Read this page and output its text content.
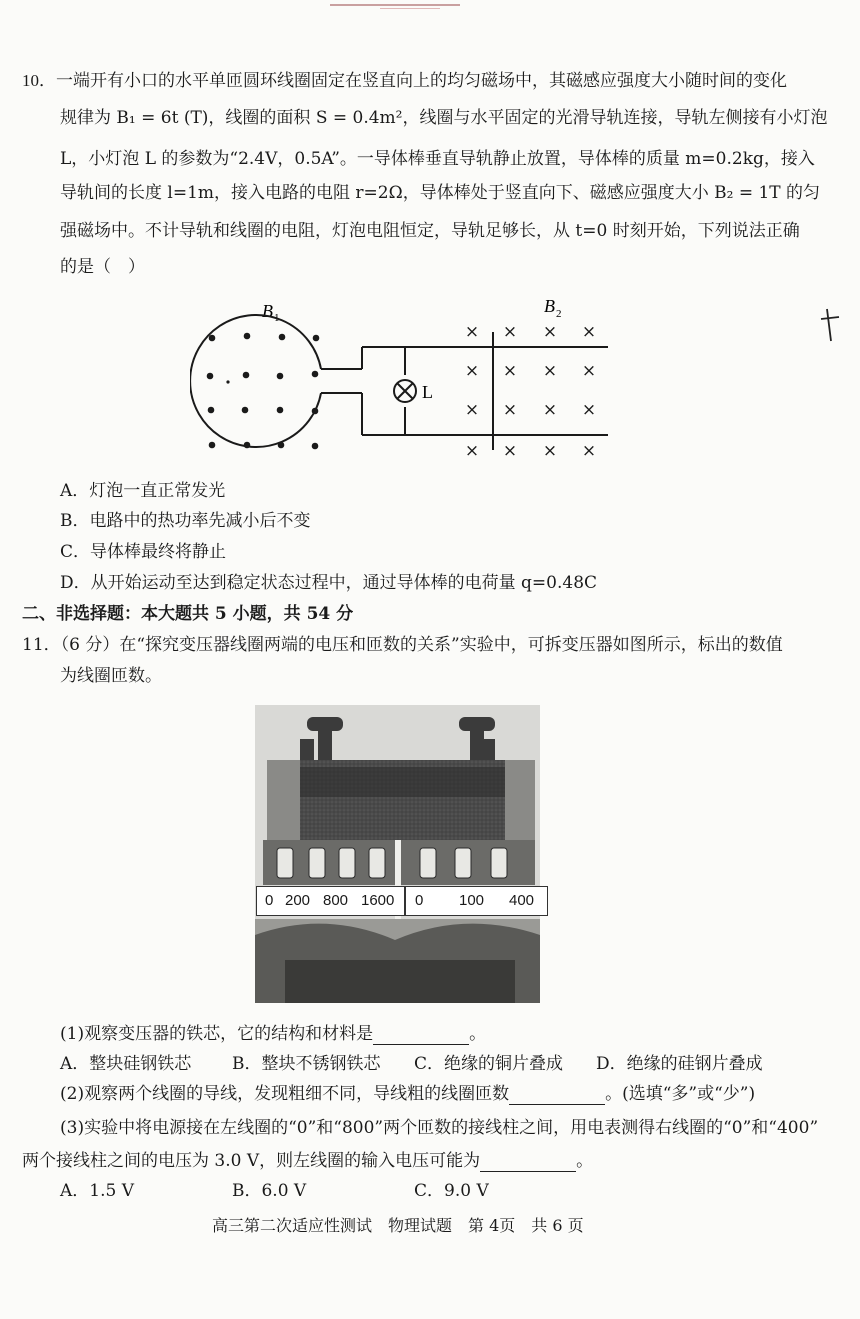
10．一端开有小口的水平单匝圆环线圈固定在竖直向上的均匀磁场中，其磁感应强度大小随时间的变化
规律为 B₁ = 6t (T)，线圈的面积 S = 0.4m²，线圈与水平固定的光滑导轨连接，导轨左侧接有小灯泡
L，小灯泡 L 的参数为“2.4V，0.5A”。一导体棒垂直导轨静止放置，导体棒的质量 m=0.2kg，接入
导轨间的长度 l=1m，接入电路的电阻 r=2Ω，导体棒处于竖直向下、磁感应强度大小 B₂ = 1T 的匀
强磁场中。不计导轨和线圈的电阻，灯泡电阻恒定，导轨足够长，从 t=0 时刻开始，下列说法正确
的是（　）
B 1
L
B 2
× × × ×
× × × ×
× × × ×
× × × ×
A．灯泡一直正常发光
B．电路中的热功率先减小后不变
C．导体棒最终将静止
D．从开始运动至达到稳定状态过程中，通过导体棒的电荷量 q=0.48C
二、非选择题：本大题共 5 小题，共 54 分
11．（6 分）在“探究变压器线圈两端的电压和匝数的关系”实验中，可拆变压器如图所示，标出的数值
为线圈匝数。
0 200 800 1600 0 100 400
(1)观察变压器的铁芯，它的结构和材料是	。
A．整块硅钢铁芯 B．整块不锈钢铁芯 C．绝缘的铜片叠成 D．绝缘的硅钢片叠成
(2)观察两个线圈的导线，发现粗细不同，导线粗的线圈匝数	。(选填“多”或“少”)
(3)实验中将电源接在左线圈的“0”和“800”两个匝数的接线柱之间，用电表测得右线圈的“0”和“400”
两个接线柱之间的电压为 3.0 V，则左线圈的输入电压可能为	。
A．1.5 V	B．6.0 V	C．9.0 V
高三第二次适应性测试　物理试题　第 4页　共 6 页
